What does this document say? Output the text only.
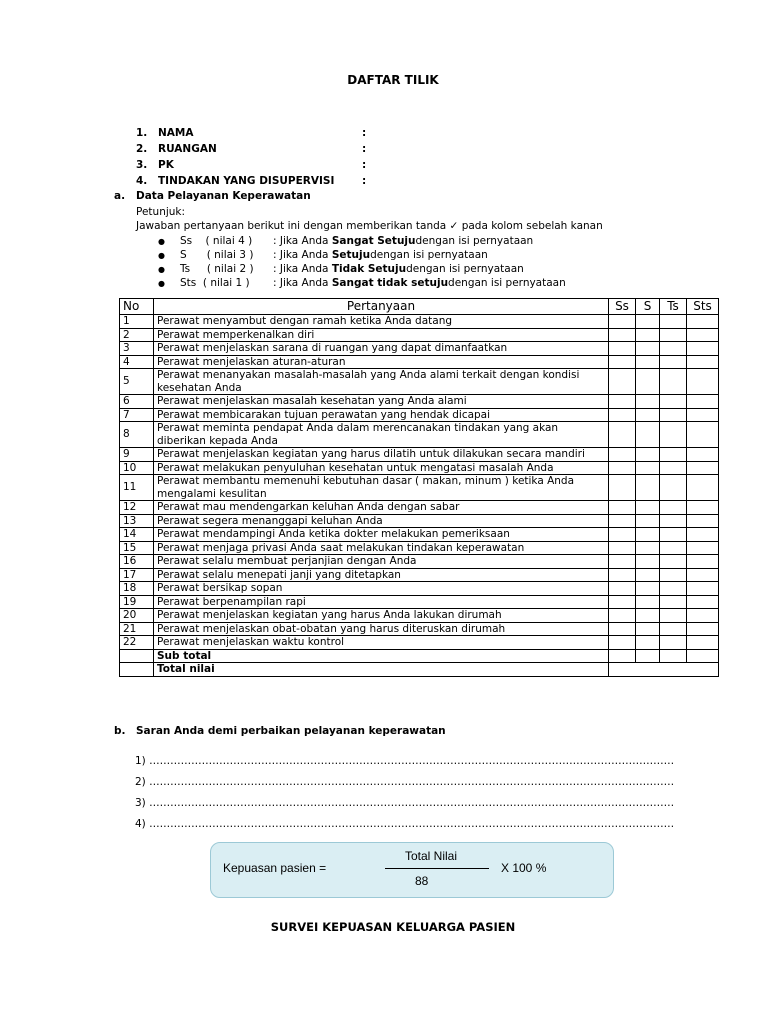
DAFTAR TILIK
1.	NAMA	:
2.	RUANGAN	:
3.	PK	:
4.	TINDAKAN YANG DISUPERVISI	:
a. Data Pelayanan Keperawatan
Petunjuk:
Jawaban pertanyaan berikut ini dengan memberikan tanda ✓ pada kolom sebelah kanan
●	Ss    ( nilai 4 )	: Jika Anda
Sangat Setuju dengan isi pernyataan
●	S      ( nilai 3 )	: Jika Anda
Setuju dengan isi pernyataan
●	Ts     ( nilai 2 )	: Jika Anda
Tidak Setuju dengan isi pernyataan
●	Sts  ( nilai 1 )	: Jika Anda
Sangat tidak setuju dengan isi pernyataan
No	Pertanyaan	Ss	S	Ts	Sts
1	Perawat menyambut dengan ramah ketika Anda datang				
2	Perawat memperkenalkan diri				
3	Perawat menjelaskan sarana di ruangan yang dapat dimanfaatkan				
4	Perawat menjelaskan aturan-aturan				
5	Perawat menanyakan masalah-masalah yang Anda alami terkait dengan kondisi kesehatan Anda				
6	Perawat menjelaskan masalah kesehatan yang Anda alami				
7	Perawat membicarakan tujuan perawatan yang hendak dicapai				
8	Perawat meminta pendapat Anda dalam merencanakan tindakan yang akan diberikan kepada Anda				
9	Perawat menjelaskan kegiatan yang harus dilatih untuk dilakukan secara mandiri				
10	Perawat melakukan penyuluhan kesehatan untuk mengatasi masalah Anda				
11	Perawat membantu memenuhi kebutuhan dasar ( makan, minum ) ketika Anda mengalami kesulitan				
12	Perawat mau mendengarkan keluhan Anda dengan sabar				
13	Perawat segera menanggapi keluhan Anda				
14	Perawat mendampingi Anda ketika dokter melakukan pemeriksaan				
15	Perawat menjaga privasi Anda saat melakukan tindakan keperawatan				
16	Perawat selalu membuat perjanjian dengan Anda				
17	Perawat selalu menepati janji yang ditetapkan				
18	Perawat bersikap sopan				
19	Perawat berpenampilan rapi				
20	Perawat menjelaskan kegiatan yang harus Anda lakukan dirumah				
21	Perawat menjelaskan obat-obatan yang harus diteruskan dirumah				
22	Perawat menjelaskan waktu kontrol				
	Sub total				
	Total nilai				
b. Saran Anda demi perbaikan pelayanan keperawatan
1) ……………………………………………………………………………………………………………………………………
2) ……………………………………………………………………………………………………………………………………
3) ……………………………………………………………………………………………………………………………………
4) ……………………………………………………………………………………………………………………………………
Kepuasan pasien =
Total Nilai
88
X 100 %
SURVEI KEPUASAN KELUARGA PASIEN
